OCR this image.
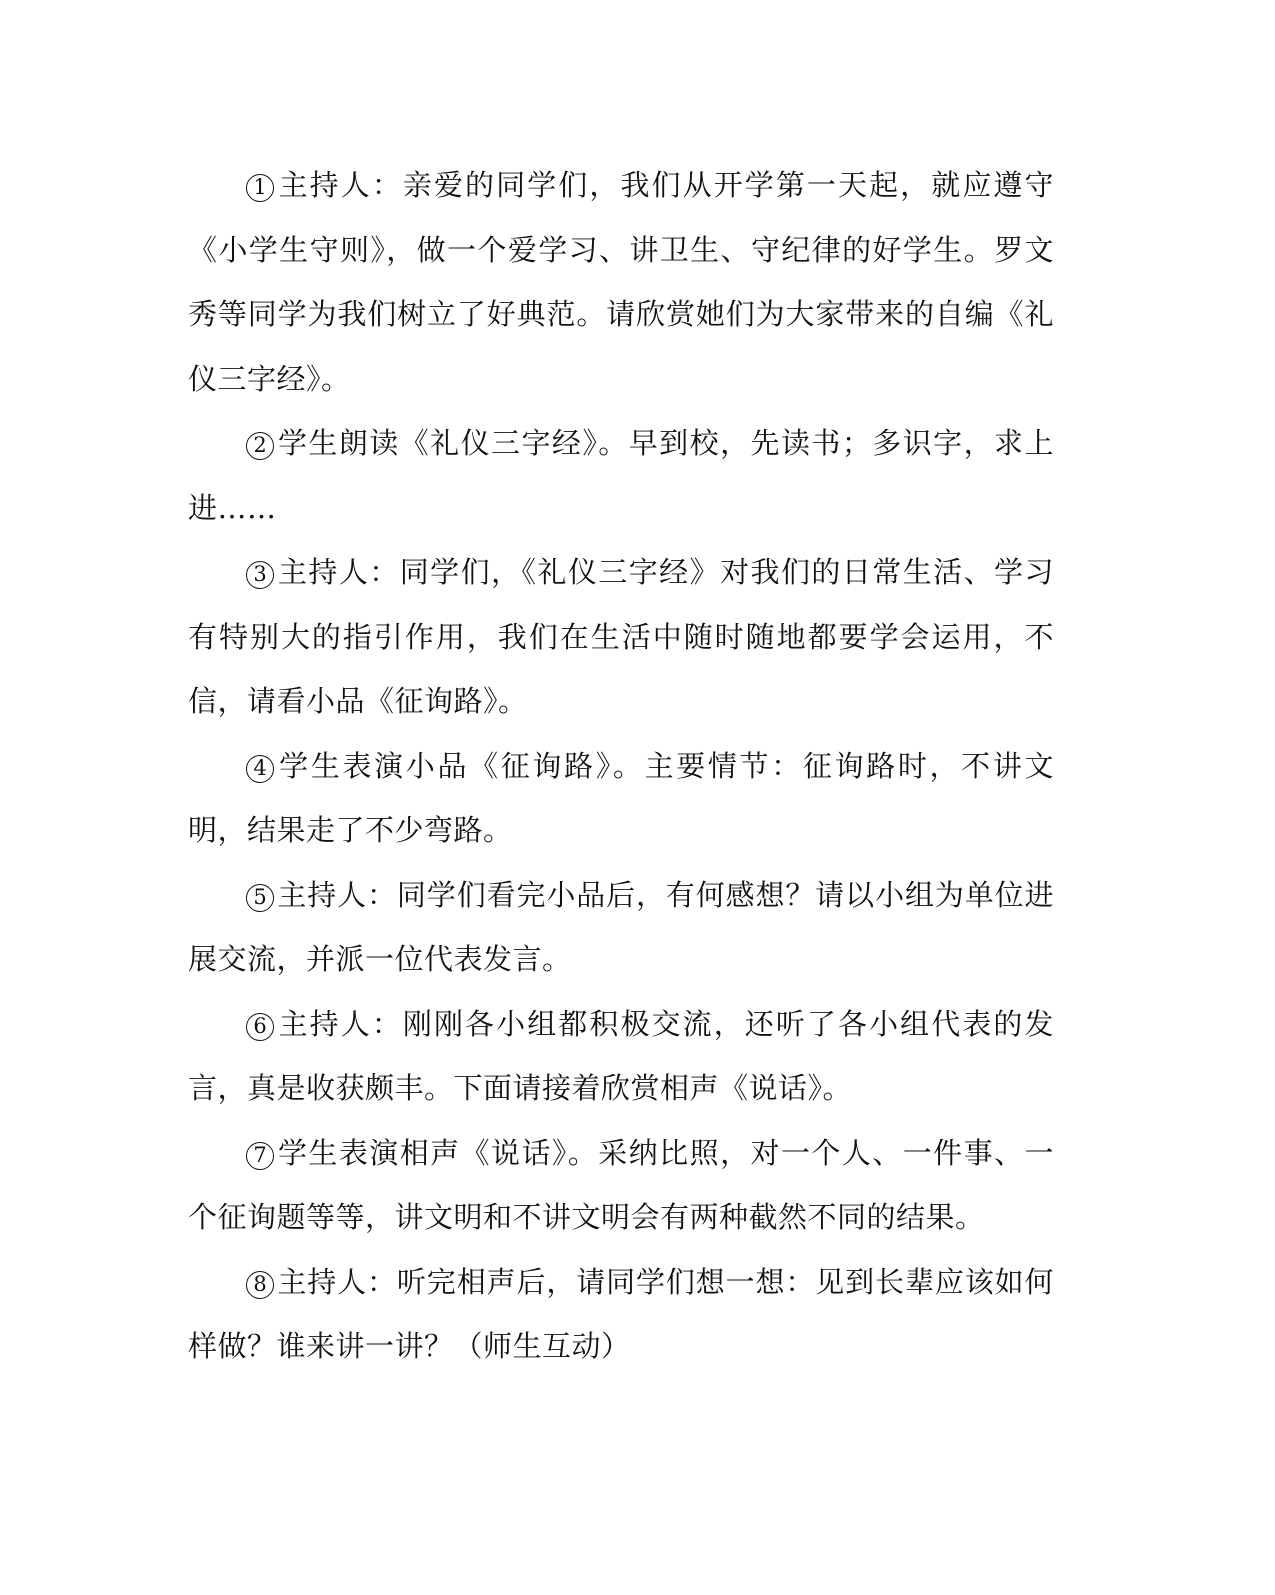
1 主持人：亲爱的同学们，我们从开学第一天起，就应遵守《小学生守则》，做一个爱学习、讲卫生、守纪律的好学生。罗文秀等同学为我们树立了好典范。请欣赏她们为大家带来的自编《礼仪三字经》。

2 学生朗读《礼仪三字经》。早到校，先读书；多识字，求上进……

3 主持人：同学们，《礼仪三字经》对我们的日常生活、学习有特别大的指引作用，我们在生活中随时随地都要学会运用，不信，请看小品《征询路》。

4 学生表演小品《征询路》。主要情节：征询路时，不讲文明，结果走了不少弯路。

5 主持人：同学们看完小品后，有何感想？请以小组为单位进展交流，并派一位代表发言。

6 主持人：刚刚各小组都积极交流，还听了各小组代表的发言，真是收获颇丰。下面请接着欣赏相声《说话》。

7 学生表演相声《说话》。采纳比照，对一个人、一件事、一个征询题等等，讲文明和不讲文明会有两种截然不同的结果。

8 主持人：听完相声后，请同学们想一想：见到长辈应该如何样做？谁来讲一讲？（师生互动）
